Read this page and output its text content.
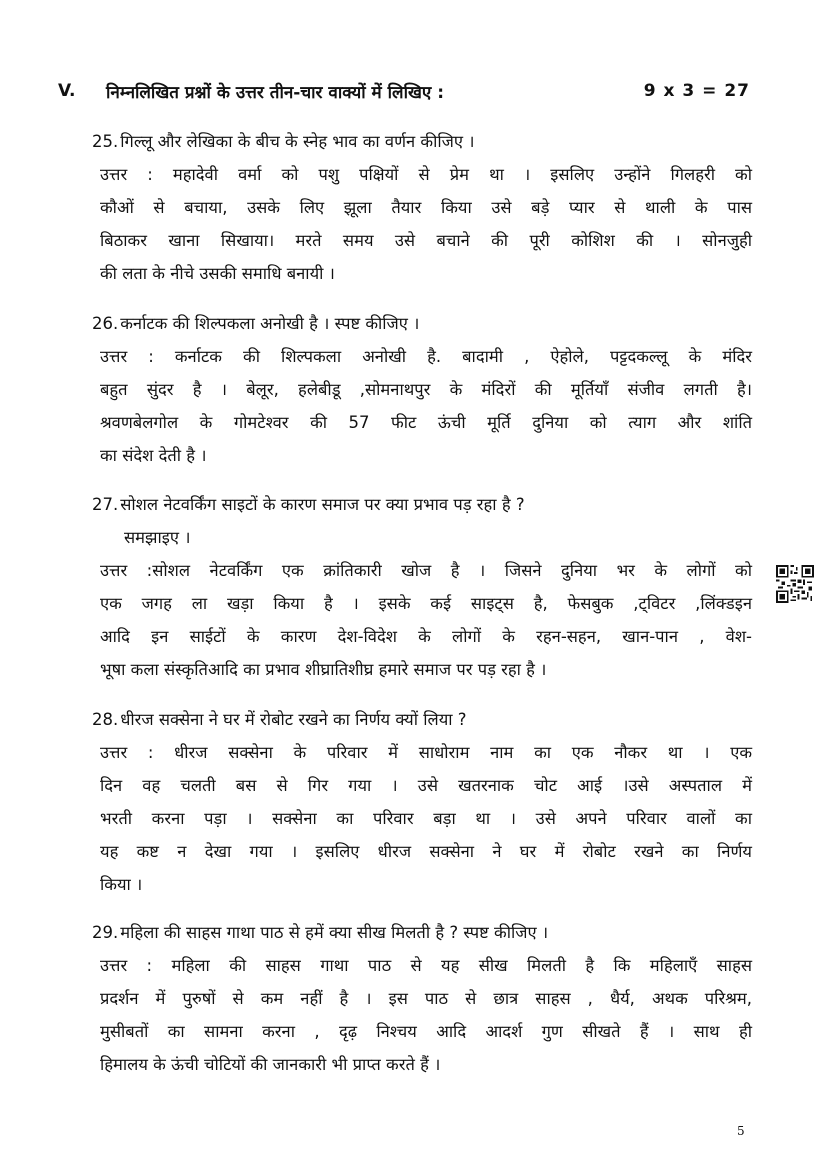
V.	निम्नलिखित प्रश्नों के उत्तर तीन-चार वाक्यों में लिखिए :	9 x 3 = 27
25. गिल्लू और लेखिका के बीच के स्नेह भाव का वर्णन कीजिए ।
उत्तर : महादेवी वर्मा को पशु पक्षियों से प्रेम था । इसलिए उन्होंने गिलहरी को
कौओं से बचाया, उसके लिए झूला तैयार किया उसे बड़े प्यार से थाली के पास
बिठाकर खाना सिखाया। मरते समय उसे बचाने की पूरी कोशिश की । सोनजुही
की लता के नीचे उसकी समाधि बनायी ।
26. कर्नाटक की शिल्पकला अनोखी है । स्पष्ट कीजिए ।
उत्तर : कर्नाटक की शिल्पकला अनोखी है. बादामी , ऐहोले, पट्टदकल्लू के मंदिर
बहुत सुंदर है । बेलूर, हलेबीडू ,सोमनाथपुर के मंदिरों की मूर्तियाँ संजीव लगती है।
श्रवणबेलगोल के गोमटेश्वर की 57 फीट ऊंची मूर्ति दुनिया को त्याग और शांति
का संदेश देती है ।
27. सोशल नेटवर्किंग साइटों के कारण समाज पर क्या प्रभाव पड़ रहा है ?
समझाइए ।
उत्तर :सोशल नेटवर्किंग एक क्रांतिकारी खोज है । जिसने दुनिया भर के लोगों को
एक जगह ला खड़ा किया है । इसके कई साइट्स है, फेसबुक ,ट्विटर ,लिंक्डइन
आदि इन साईटों के कारण देश-विदेश के लोगों के रहन-सहन, खान-पान , वेश-
भूषा कला संस्कृतिआदि का प्रभाव शीघ्रातिशीघ्र हमारे समाज पर पड़ रहा है ।
28. धीरज सक्सेना ने घर में रोबोट रखने का निर्णय क्यों लिया ?
उत्तर : धीरज सक्सेना के परिवार में साधोराम नाम का एक नौकर था । एक
दिन वह चलती बस से गिर गया । उसे खतरनाक चोट आई ।उसे अस्पताल में
भरती करना पड़ा । सक्सेना का परिवार बड़ा था । उसे अपने परिवार वालों का
यह कष्ट न देखा गया । इसलिए धीरज सक्सेना ने घर में रोबोट रखने का निर्णय
किया ।
29. महिला की साहस गाथा पाठ से हमें क्या सीख मिलती है ? स्पष्ट कीजिए ।
उत्तर : महिला की साहस गाथा पाठ से यह सीख मिलती है कि महिलाएँ साहस
प्रदर्शन में पुरुषों से कम नहीं है । इस पाठ से छात्र साहस , धैर्य, अथक परिश्रम,
मुसीबतों का सामना करना , दृढ़ निश्चय आदि आदर्श गुण सीखते हैं । साथ ही
हिमालय के ऊंची चोटियों की जानकारी भी प्राप्त करते हैं ।
5
